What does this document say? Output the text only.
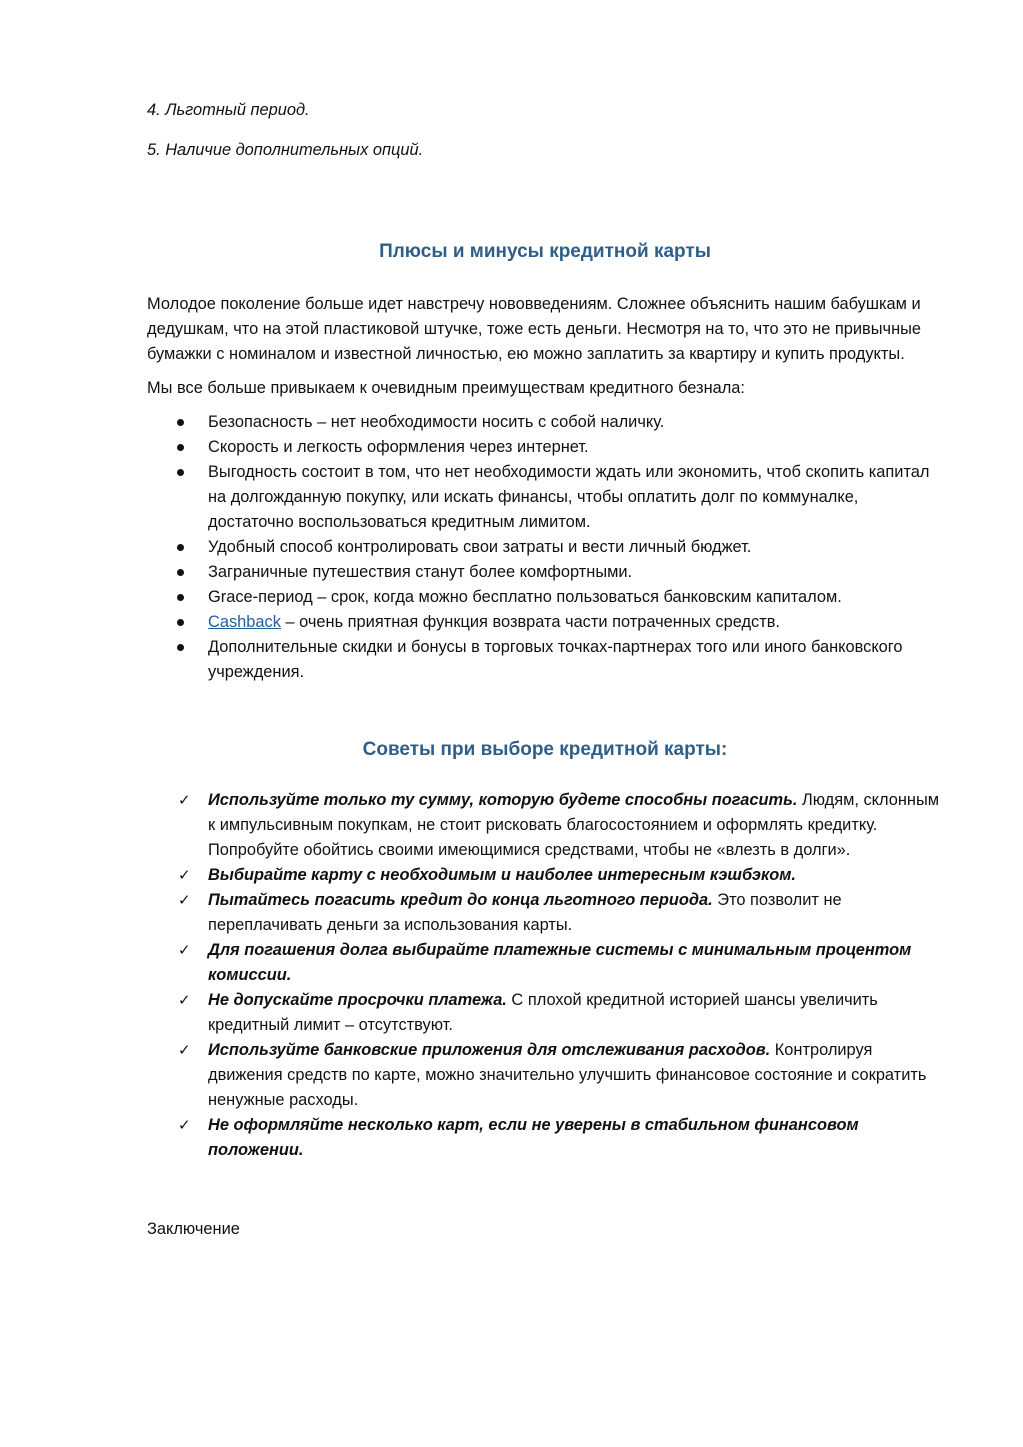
4. Льготный период.

5. Наличие дополнительных опций.

Плюсы и минусы кредитной карты

Молодое поколение больше идет навстречу нововведениям. Сложнее объяснить нашим бабушкам и дедушкам, что на этой пластиковой штучке, тоже есть деньги. Несмотря на то, что это не привычные бумажки с номиналом и известной личностью, ею можно заплатить за квартиру и купить продукты.

Мы все больше привыкаем к очевидным преимуществам кредитного безнала:

Безопасность – нет необходимости носить с собой наличку.
Скорость и легкость оформления через интернет.
Выгодность состоит в том, что нет необходимости ждать или экономить, чтоб скопить капитал на долгожданную покупку, или искать финансы, чтобы оплатить долг по коммуналке, достаточно воспользоваться кредитным лимитом.
Удобный способ контролировать свои затраты и вести личный бюджет.
Заграничные путешествия станут более комфортными.
Grace-период – срок, когда можно бесплатно пользоваться банковским капиталом.
Cashback – очень приятная функция возврата части потраченных средств.
Дополнительные скидки и бонусы в торговых точках-партнерах того или иного банковского учреждения.
Советы при выборе кредитной карты:
✓ Используйте только ту сумму, которую будете способны погасить. Людям, склонным к импульсивным покупкам, не стоит рисковать благосостоянием и оформлять кредитку. Попробуйте обойтись своими имеющимися средствами, чтобы не «влезть в долги».
✓ Выбирайте карту с необходимым и наиболее интересным кэшбэком.
✓ Пытайтесь погасить кредит до конца льготного периода. Это позволит не переплачивать деньги за использования карты.
✓ Для погашения долга выбирайте платежные системы с минимальным процентом комиссии.
✓ Не допускайте просрочки платежа. С плохой кредитной историей шансы увеличить кредитный лимит – отсутствуют.
✓ Используйте банковские приложения для отслеживания расходов. Контролируя движения средств по карте, можно значительно улучшить финансовое состояние и сократить ненужные расходы.
✓ Не оформляйте несколько карт, если не уверены в стабильном финансовом положении.

Заключение
